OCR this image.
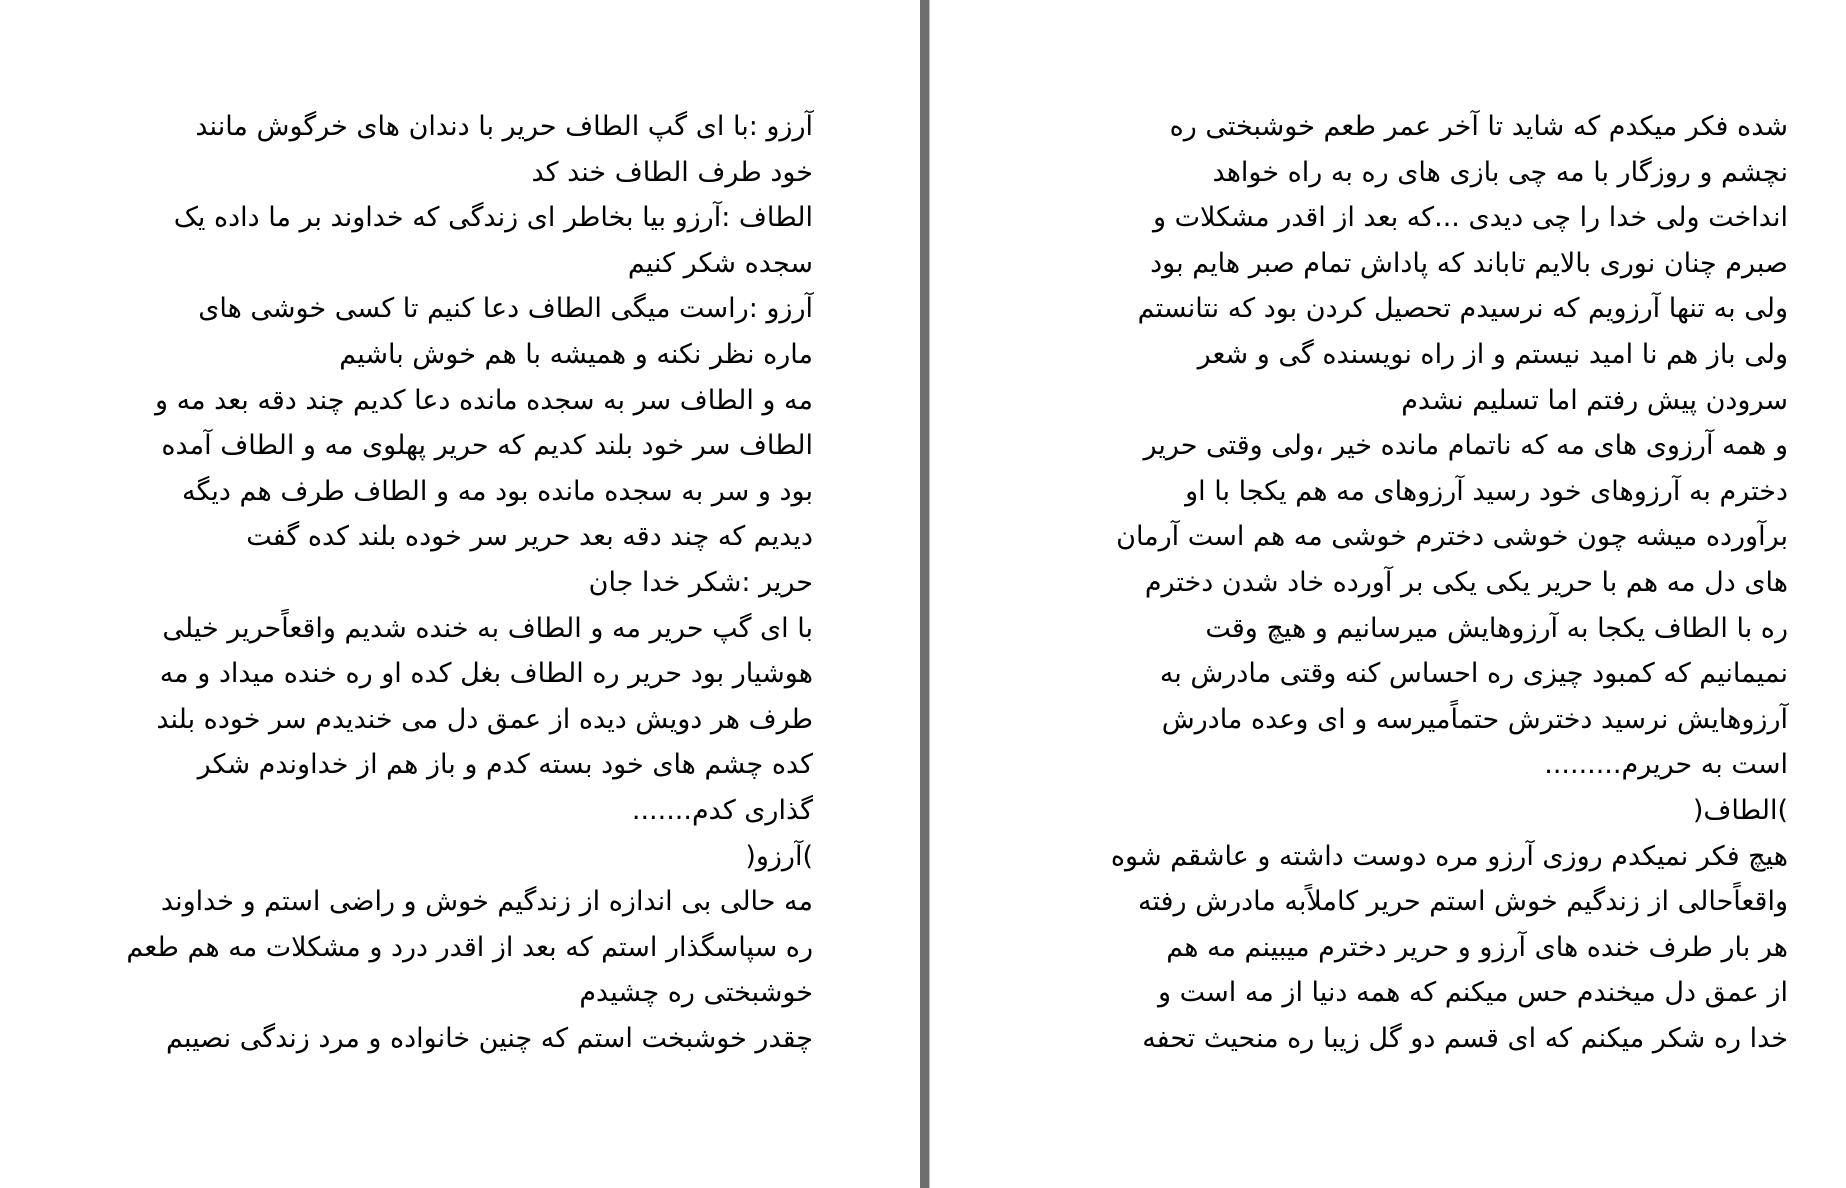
آرزو :با ای گپ الطاف حریر با دندان های خرگوش مانند
خود طرف الطاف خند کد
الطاف :آرزو بیا بخاطر ای زندگی که خداوند بر ما داده یک
سجده شکر کنیم
آرزو :راست میگی الطاف دعا کنیم تا کسی خوشی های
ماره نظر نکنه و همیشه با هم خوش باشیم
مه و الطاف سر به سجده مانده دعا کدیم چند دقه بعد مه و
الطاف سر خود بلند کدیم که حریر پهلوی مه و الطاف آمده
بود و سر به سجده مانده بود مه و الطاف طرف هم دیگه
دیدیم که چند دقه بعد حریر سر خوده بلند کده گفت
حریر :شکر خدا جان
با ای گپ حریر مه و الطاف به خنده شدیم واقعاًحریر خیلی
هوشیار بود حریر ره الطاف بغل کده او ره خنده میداد و مه
طرف هر دویش دیده از عمق دل می خندیدم سر خوده بلند
کده چشم های خود بسته کدم و باز هم از خداوندم شکر
گذاری کدم.......
)آرزو(
مه حالی بی اندازه از زندگیم خوش و راضی استم و خداوند
ره سپاسگذار استم که بعد از اقدر درد و مشکلات مه هم طعم
خوشبختی ره چشیدم
چقدر خوشبخت استم که چنین خانواده و مرد زندگی نصیبم
شده فکر میکدم که شاید تا آخر عمر طعم خوشبختی ره
نچشم و روزگار با مه چی بازی های ره به راه خواهد
انداخت ولی خدا را چی دیدی ...که بعد از اقدر مشکلات و
صبرم چنان نوری بالایم تاباند که پاداش تمام صبر هایم بود
ولی به تنها آرزویم که نرسیدم تحصیل کردن بود که نتانستم
ولی باز هم نا امید نیستم و از راه نویسنده گی و شعر
سرودن پیش رفتم اما تسلیم نشدم
و همه آرزوی های مه که ناتمام مانده خیر ،ولی وقتی حریر
دخترم به آرزوهای خود رسید آرزوهای مه هم یکجا با او
برآورده میشه چون خوشی دخترم خوشی مه هم است آرمان
های دل مه هم با حریر یکی یکی بر آورده خاد شدن دخترم
ره با الطاف یکجا به آرزوهایش میرسانیم و هیچ وقت
نمیمانیم که کمبود چیزی ره احساس کنه وقتی مادرش به
آرزوهایش نرسید دخترش حتماًمیرسه و ای وعده مادرش
است به حریرم.........
)الطاف(
هیچ فکر نمیکدم روزی آرزو مره دوست داشته و عاشقم شوه
واقعاًحالی از زندگیم خوش استم حریر کاملاًبه مادرش رفته
هر بار طرف خنده های آرزو و حریر دخترم میبینم مه هم
از عمق دل میخندم حس میکنم که همه دنیا از مه است و
خدا ره شکر میکنم که ای قسم دو گل زیبا ره منحیث تحفه
